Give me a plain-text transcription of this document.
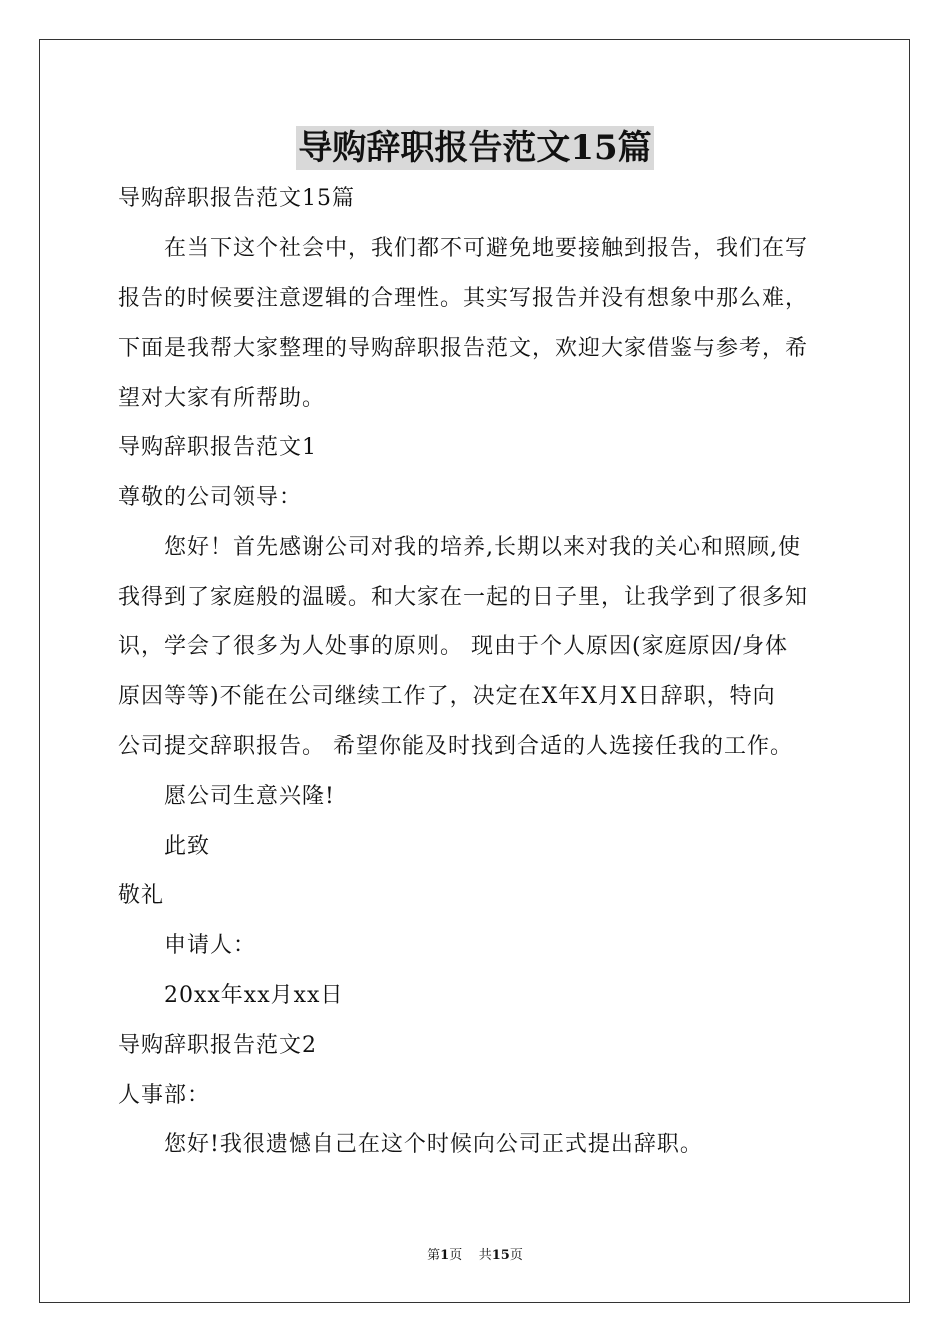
导购辞职报告范文15篇
导购辞职报告范文15篇
在当下这个社会中，我们都不可避免地要接触到报告，我们在写
报告的时候要注意逻辑的合理性。其实写报告并没有想象中那么难，
下面是我帮大家整理的导购辞职报告范文，欢迎大家借鉴与参考，希
望对大家有所帮助。
导购辞职报告范文1
尊敬的公司领导：
您好！首先感谢公司对我的培养,长期以来对我的关心和照顾,使
我得到了家庭般的温暖。和大家在一起的日子里，让我学到了很多知
识，学会了很多为人处事的原则。 现由于个人原因(家庭原因/身体
原因等等)不能在公司继续工作了，决定在X年X月X日辞职，特向
公司提交辞职报告。 希望你能及时找到合适的人选接任我的工作。
愿公司生意兴隆!
此致
敬礼
申请人：
20xx年xx月xx日
导购辞职报告范文2
人事部：
您好!我很遗憾自己在这个时候向公司正式提出辞职。
第1页 共15页
